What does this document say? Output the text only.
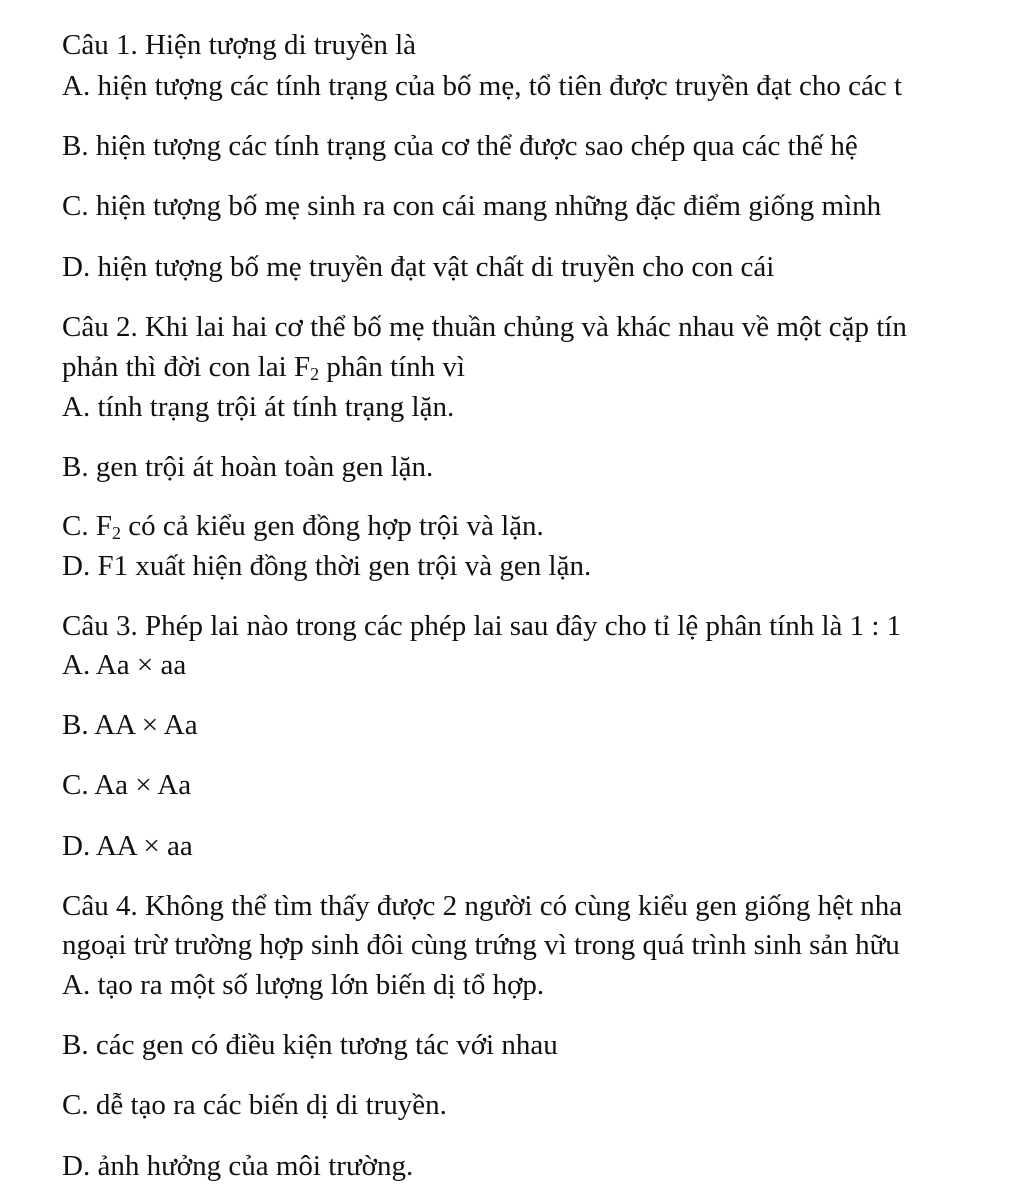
Câu 1. Hiện tượng di truyền là
A. hiện tượng các tính trạng của bố mẹ, tổ tiên được truyền đạt cho các t
B. hiện tượng các tính trạng của cơ thể được sao chép qua các thế hệ
C. hiện tượng bố mẹ sinh ra con cái mang những đặc điểm giống mình
D. hiện tượng bố mẹ truyền đạt vật chất di truyền cho con cái
Câu 2. Khi lai hai cơ thể bố mẹ thuần chủng và khác nhau về một cặp tín
phản thì đời con lai $F_2$ phân tính vì
A. tính trạng trội át tính trạng lặn.
B. gen trội át hoàn toàn gen lặn.
C. $F_2$ có cả kiểu gen đồng hợp trội và lặn.
D. F1 xuất hiện đồng thời gen trội và gen lặn.
Câu 3. Phép lai nào trong các phép lai sau đây cho tỉ lệ phân tính là 1 : 1
A. Aa × aa
B. AA × Aa
C. Aa × Aa
D. AA × aa
Câu 4. Không thể tìm thấy được 2 người có cùng kiểu gen giống hệt nha
ngoại trừ trường hợp sinh đôi cùng trứng vì trong quá trình sinh sản hữu
A. tạo ra một số lượng lớn biến dị tổ hợp.
B. các gen có điều kiện tương tác với nhau
C. dễ tạo ra các biến dị di truyền.
D. ảnh hưởng của môi trường.
